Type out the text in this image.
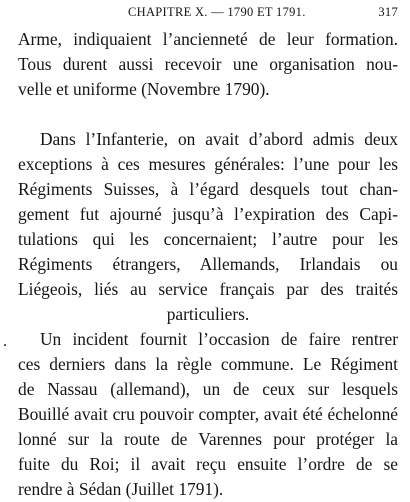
CHAPITRE X. — 1790 ET 1791.	317
Arme, indiquaient l’ancienneté de leur formation.
Tous durent aussi recevoir une organisation nou-
velle et uniforme (Novembre 1790).
Dans l’Infanterie, on avait d’abord admis deux
exceptions à ces mesures générales: l’une pour les
Régiments Suisses, à l’égard desquels tout chan-
gement fut ajourné jusqu’à l’expiration des Capi-
tulations qui les concernaient; l’autre pour les
Régiments étrangers, Allemands, Irlandais ou
Liégeois, liés au service français par des traités
particuliers.
Un incident fournit l’occasion de faire rentrer
ces derniers dans la règle commune. Le Régiment
de Nassau (allemand), un de ceux sur lesquels
Bouillé avait cru pouvoir compter, avait été échelonné
lonné sur la route de Varennes pour protéger la
fuite du Roi; il avait reçu ensuite l’ordre de se
rendre à Sédan (Juillet 1791).
